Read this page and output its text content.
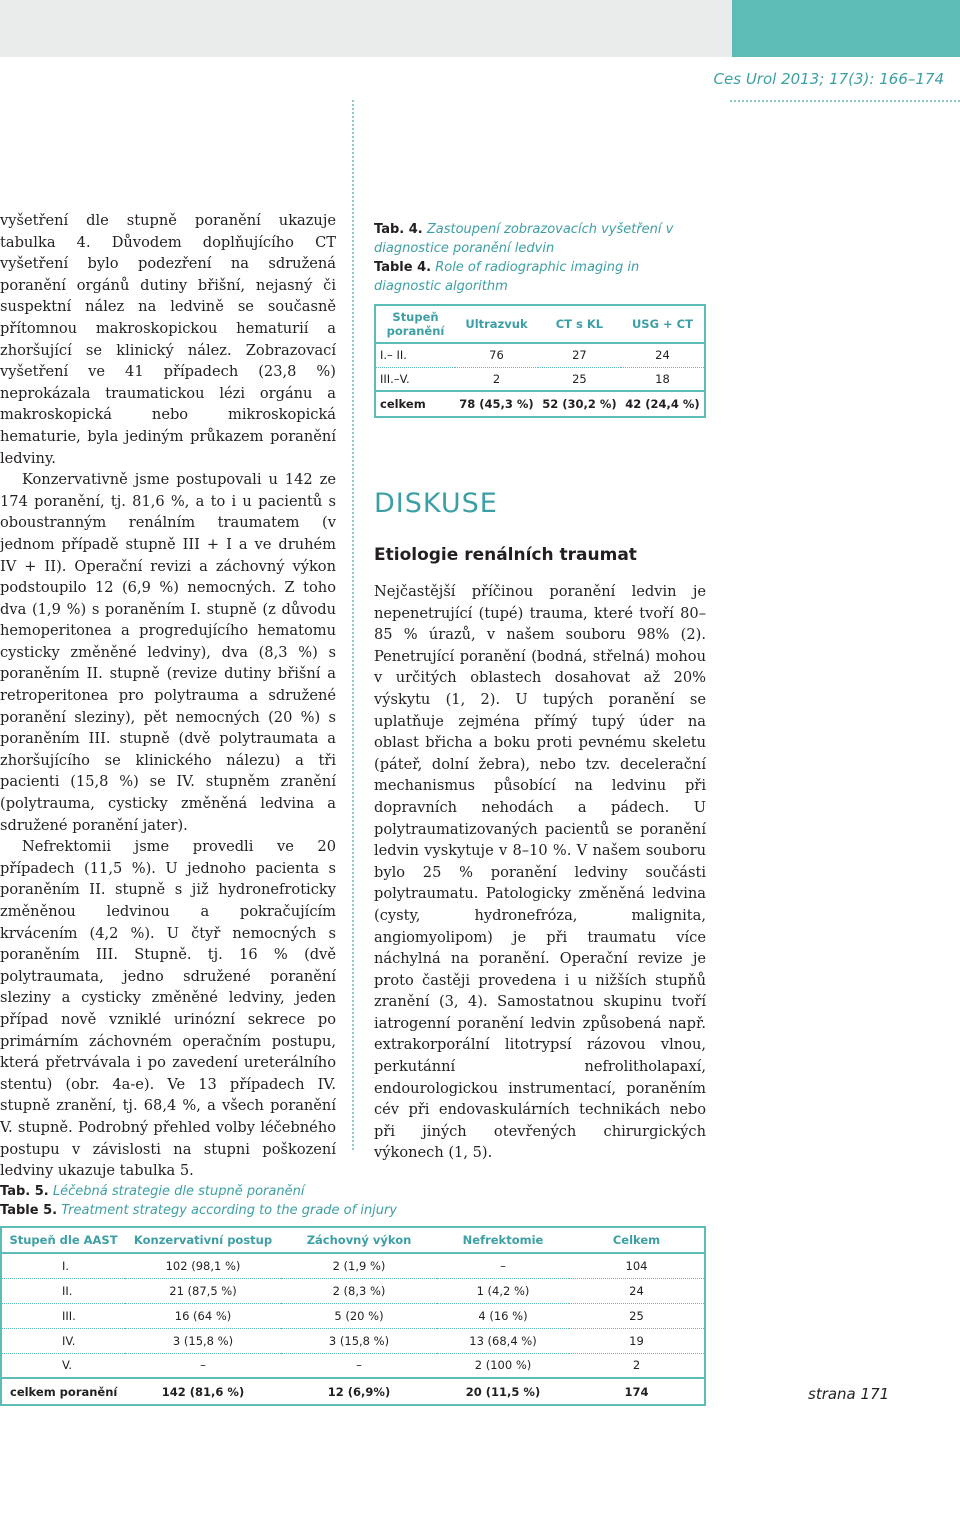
Ces Urol 2013; 17(3): 166–174

vyšetření dle stupně poranění ukazuje tabulka 4. Důvodem doplňujícího CT vyšetření bylo podezření na sdružená poranění orgánů dutiny břišní, nejasný či suspektní nález na ledvině se současně přítomnou makroskopickou hematurií a zhoršující se klinický nález. Zobrazovací vyšetření ve 41 případech (23,8 %) neprokázala traumatickou lézi orgánu a makroskopická nebo mikroskopická hematurie, byla jediným průkazem poranění ledviny.

Konzervativně jsme postupovali u 142 ze 174 poranění, tj. 81,6 %, a to i u pacientů s oboustranným renálním traumatem (v jednom případě stupně III + I a ve druhém IV + II). Operační revizi a záchovný výkon podstoupilo 12 (6,9 %) nemocných. Z toho dva (1,9 %) s poraněním I. stupně (z důvodu hemoperitonea a progredujícího hematomu cysticky změněné ledviny), dva (8,3 %) s poraněním II. stupně (revize dutiny břišní a retroperitonea pro polytrauma a sdružené poranění sleziny), pět nemocných (20 %) s poraněním III. stupně (dvě polytraumata a zhoršujícího se klinického nálezu) a tři pacienti (15,8 %) se IV. stupněm zranění (polytrauma, cysticky změněná ledvina a sdružené poranění jater).

Nefrektomii jsme provedli ve 20 případech (11,5 %). U jednoho pacienta s poraněním II. stupně s již hydronefroticky změněnou ledvinou a pokračujícím krvácením (4,2 %). U čtyř nemocných s poraněním III. Stupně. tj. 16 % (dvě polytraumata, jedno sdružené poranění sleziny a cysticky změněné ledviny, jeden případ nově vzniklé urinózní sekrece po primárním záchovném operačním postupu, která přetrvávala i po zavedení ureterálního stentu) (obr. 4a-e). Ve 13 případech IV. stupně zranění, tj. 68,4 %, a všech poranění V. stupně. Podrobný přehled volby léčebného postupu v závislosti na stupni poškození ledviny ukazuje tabulka 5.

Tab. 4. Zastoupení zobrazovacích vyšetření v diagnostice poranění ledvin
Table 4. Role of radiographic imaging in diagnostic algorithm
Stupeň poranění	Ultrazvuk	CT s KL	USG + CT
I.– II.	76	27	24
III.–V.	2	25	18
celkem	78 (45,3 %)	52 (30,2 %)	42 (24,4 %)
DISKUSE
Etiologie renálních traumat

Nejčastější příčinou poranění ledvin je nepenetrující (tupé) trauma, které tvoří 80–85 % úrazů, v našem souboru 98% (2). Penetrující poranění (bodná, střelná) mohou v určitých oblastech dosahovat až 20% výskytu (1, 2). U tupých poranění se uplatňuje zejména přímý tupý úder na oblast břicha a boku proti pevnému skeletu (páteř, dolní žebra), nebo tzv. decelerační mechanismus působící na ledvinu při dopravních nehodách a pádech. U polytraumatizovaných pacientů se poranění ledvin vyskytuje v 8–10 %. V našem souboru bylo 25 % poranění ledviny součásti polytraumatu. Patologicky změněná ledvina (cysty, hydronefróza, malignita, angiomyolipom) je při traumatu více náchylná na poranění. Operační revize je proto častěji provedena i u nižších stupňů zranění (3, 4). Samostatnou skupinu tvoří iatrogenní poranění ledvin způsobená např. extrakorporální litotrypsí rázovou vlnou, perkutánní nefrolitholapaxí, endourologickou instrumentací, poraněním cév při endovaskulárních technikách nebo při jiných otevřených chirurgických výkonech (1, 5).

Tab. 5. Léčebná strategie dle stupně poranění
Table 5. Treatment strategy according to the grade of injury
Stupeň dle AAST	Konzervativní postup	Záchovný výkon	Nefrektomie	Celkem
I.	102 (98,1 %)	2 (1,9 %)	–	104
II.	21 (87,5 %)	2 (8,3 %)	1 (4,2 %)	24
III.	16 (64 %)	5 (20 %)	4 (16 %)	25
IV.	3 (15,8 %)	3 (15,8 %)	13 (68,4 %)	19
V.	–	–	2 (100 %)	2
celkem poranění	142 (81,6 %)	12 (6,9%)	20 (11,5 %)	174	strana 171
